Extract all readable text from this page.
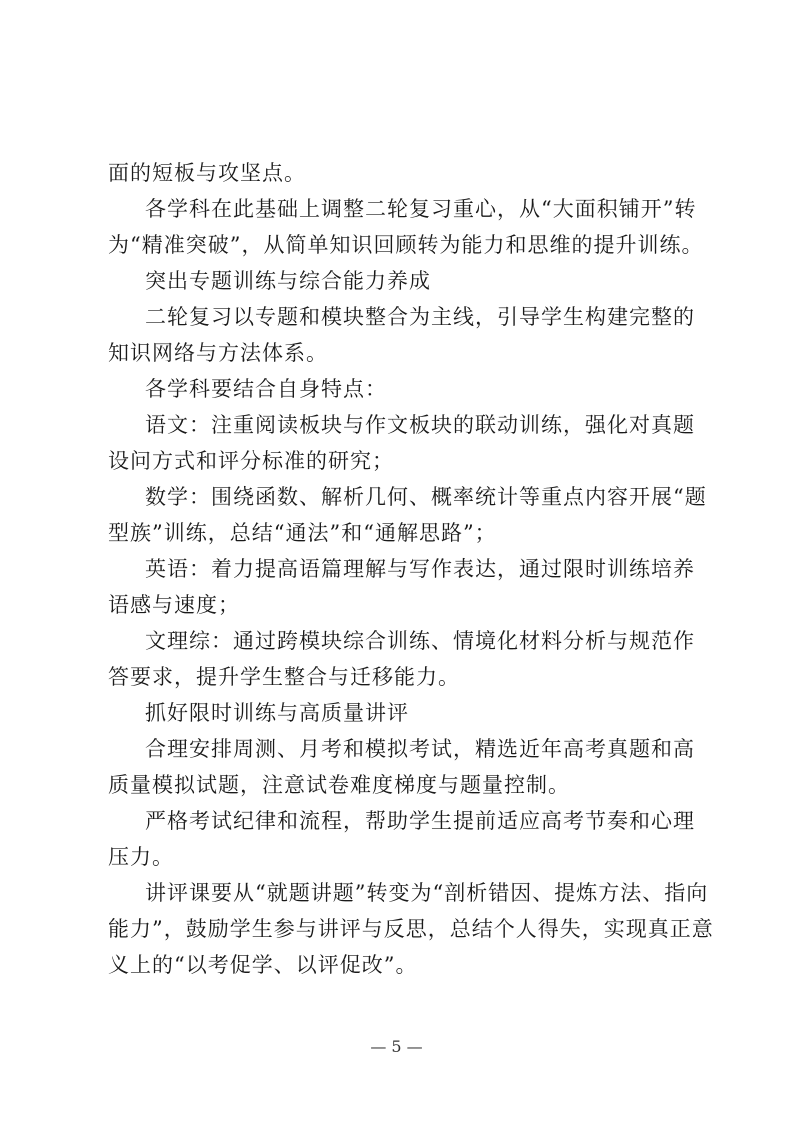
面的短板与攻坚点。

各学科在此基础上调整二轮复习重心，从“大面积铺开”转
为“精准突破”，从简单知识回顾转为能力和思维的提升训练。

突出专题训练与综合能力养成

二轮复习以专题和模块整合为主线，引导学生构建完整的
知识网络与方法体系。

各学科要结合自身特点：

语文：注重阅读板块与作文板块的联动训练，强化对真题
设问方式和评分标准的研究；

数学：围绕函数、解析几何、概率统计等重点内容开展“题
型族”训练，总结“通法”和“通解思路”；

英语：着力提高语篇理解与写作表达，通过限时训练培养
语感与速度；

文理综：通过跨模块综合训练、情境化材料分析与规范作
答要求，提升学生整合与迁移能力。

抓好限时训练与高质量讲评

合理安排周测、月考和模拟考试，精选近年高考真题和高
质量模拟试题，注意试卷难度梯度与题量控制。

严格考试纪律和流程，帮助学生提前适应高考节奏和心理
压力。

讲评课要从“就题讲题”转变为“剖析错因、提炼方法、指向
能力”，鼓励学生参与讲评与反思，总结个人得失，实现真正意
义上的“以考促学、以评促改”。

— 5 —
